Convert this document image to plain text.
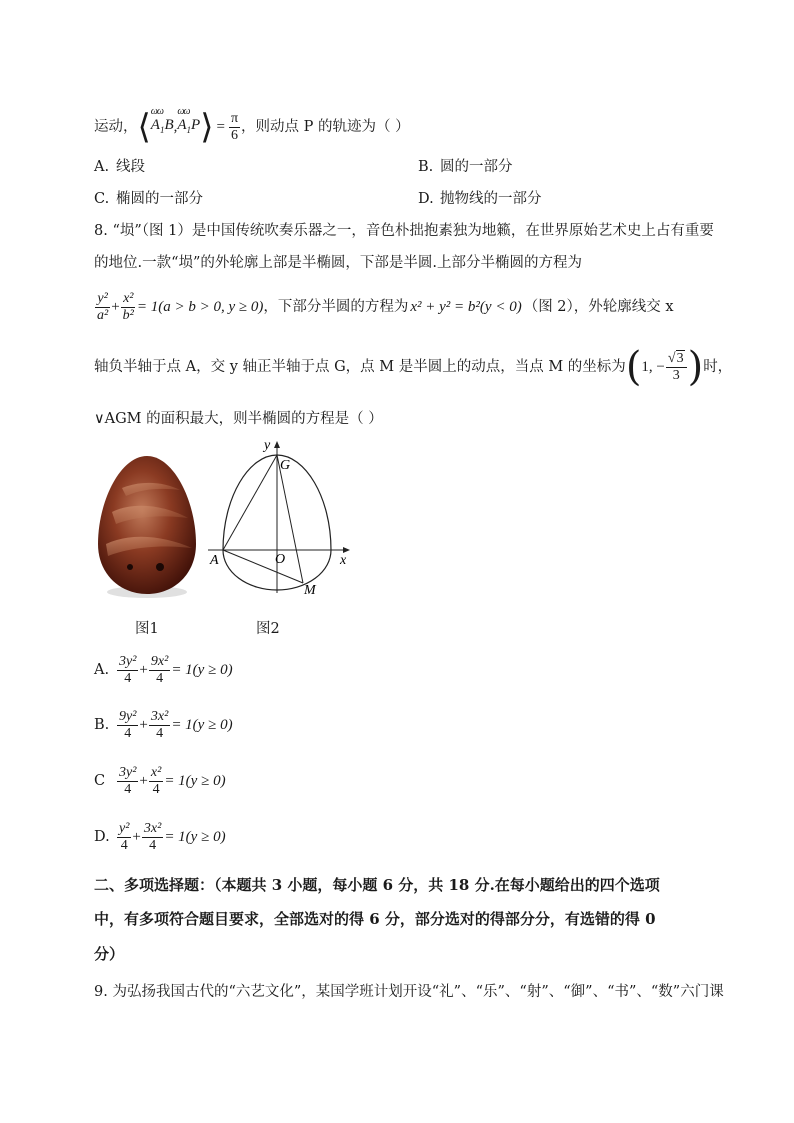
运动， ⟨ ωω $A_1B$ , ωω $A_1P$ ⟩ = $\frac{\pi}{6}$ ，则动点 P 的轨迹为（ ）
A. 线段	B. 圆的一部分
C. 椭圆的一部分	D. 抛物线的一部分
8. “埙”（图 1）是中国传统吹奏乐器之一，音色朴拙抱素独为地籁，在世界原始艺术史上占有重要
的地位.一款“埙”的外轮廓上部是半椭圆，下部是半圆.上部分半椭圆的方程为
$\frac{\text{y²}}{\text{a²}} + \frac{\text{x²}}{\text{b²}} = 1(a > b > 0$, y ≥ 0) ，下部分半圆的方程为 x² + y² = b²(y < 0) （图 2），外轮廓线交 x
轴负半轴于点 A，交 y 轴正半轴于点 G，点 M 是半圆上的动点，当点 M 的坐标为 ( 1, − $\frac{√3}{3}$ ) 时，
∨AGM 的面积最大，则半椭圆的方程是（ ）
y
G
A	O	x
M
图1	图2
A. $\frac{\text{3y²}}{4} + \frac{\text{9x²}}{4} = 1(y \ge 0)$
B. $\frac{\text{9y²}}{4} + \frac{\text{3x²}}{4} = 1(y \ge 0)$
C $\frac{\text{3y²}}{4} + \frac{\text{x²}}{4} = 1(y \ge 0)$
D. $\frac{\text{y²}}{4} + \frac{\text{3x²}}{4} = 1(y \ge 0)$
二、多项选择题：（本题共 3 小题，每小题 6 分，共 18 分.在每小题给出的四个选项
中，有多项符合题目要求，全部选对的得 6 分，部分选对的得部分分，有选错的得 0
分）
9. 为弘扬我国古代的“六艺文化”，某国学班计划开设“礼”、“乐”、“射”、“御”、“书”、“数”六门课
